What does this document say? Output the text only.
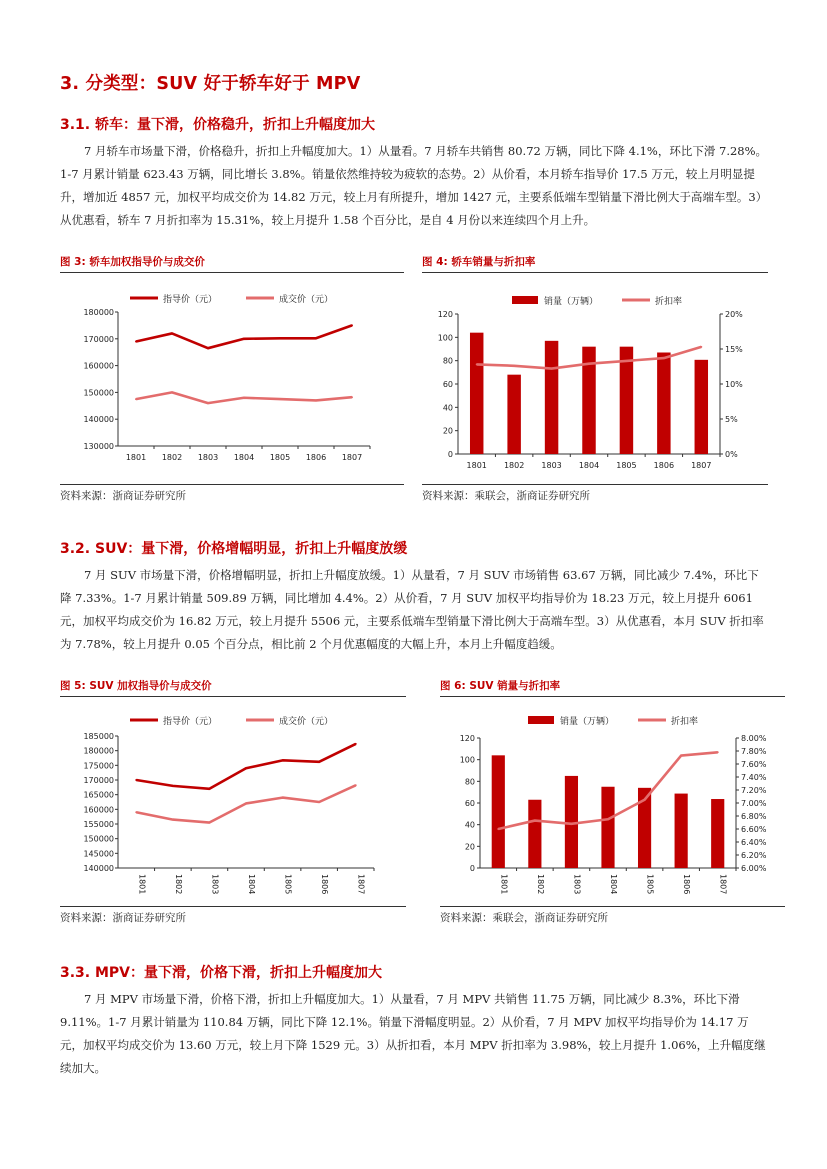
3. 分类型：SUV 好于轿车好于 MPV
3.1. 轿车：量下滑，价格稳升，折扣上升幅度加大

7 月轿车市场量下滑，价格稳升，折扣上升幅度加大。1）从量看。7 月轿车共销售 80.72 万辆，同比下降 4.1%，环比下滑 7.28%。1-7 月累计销量 623.43 万辆，同比增长 3.8%。销量依然维持较为疲软的态势。2）从价看，本月轿车指导价 17.5 万元，较上月明显提升，增加近 4857 元，加权平均成交价为 14.82 万元，较上月有所提升，增加 1427 元，主要系低端车型销量下滑比例大于高端车型。3）从优惠看，轿车 7 月折扣率为 15.31%，较上月提升 1.58 个百分比，是自 4 月份以来连续四个月上升。

图 3: 轿车加权指导价与成交价
130000
140000
150000
160000
170000
180000
1801 1802 1803 1804 1805 1806 1807
指导价（元）	成交价（元）
资料来源：浙商证券研究所
图 4: 轿车销量与折扣率
0
20
40
60
80
100
120
0%
5%
10%
15%
20%
1801 1802 1803 1804 1805 1806 1807
销量（万辆）	折扣率
资料来源：乘联会，浙商证券研究所
3.2. SUV：量下滑，价格增幅明显，折扣上升幅度放缓

7 月 SUV 市场量下滑，价格增幅明显，折扣上升幅度放缓。1）从量看，7 月 SUV 市场销售 63.67 万辆，同比减少 7.4%，环比下降 7.33%。1-7 月累计销量 509.89 万辆，同比增加 4.4%。2）从价看，7 月 SUV 加权平均指导价为 18.23 万元，较上月提升 6061 元，加权平均成交价为 16.82 万元，较上月提升 5506 元，主要系低端车型销量下滑比例大于高端车型。3）从优惠看，本月 SUV 折扣率为 7.78%，较上月提升 0.05 个百分点，相比前 2 个月优惠幅度的大幅上升，本月上升幅度趋缓。

图 5: SUV 加权指导价与成交价
140000
145000
150000
155000
160000
165000
170000
175000
180000
185000
1801	1802	1803	1804	1805	1806	1807
指导价（元）	成交价（元）
资料来源：浙商证券研究所
图 6: SUV 销量与折扣率
0
20
40
60
80
100
120
6.00%
6.20%
6.40%
6.60%
6.80%
7.00%
7.20%
7.40%
7.60%
7.80%
8.00%
1801	1802	1803	1804	1805	1806	1807
销量（万辆）	折扣率
资料来源：乘联会，浙商证券研究所
3.3. MPV：量下滑，价格下滑，折扣上升幅度加大

7 月 MPV 市场量下滑，价格下滑，折扣上升幅度加大。1）从量看，7 月 MPV 共销售 11.75 万辆，同比减少 8.3%，环比下滑 9.11%。1-7 月累计销量为 110.84 万辆，同比下降 12.1%。销量下滑幅度明显。2）从价看，7 月 MPV 加权平均指导价为 14.17 万元，加权平均成交价为 13.60 万元，较上月下降 1529 元。3）从折扣看，本月 MPV 折扣率为 3.98%，较上月提升 1.06%，上升幅度继续加大。
